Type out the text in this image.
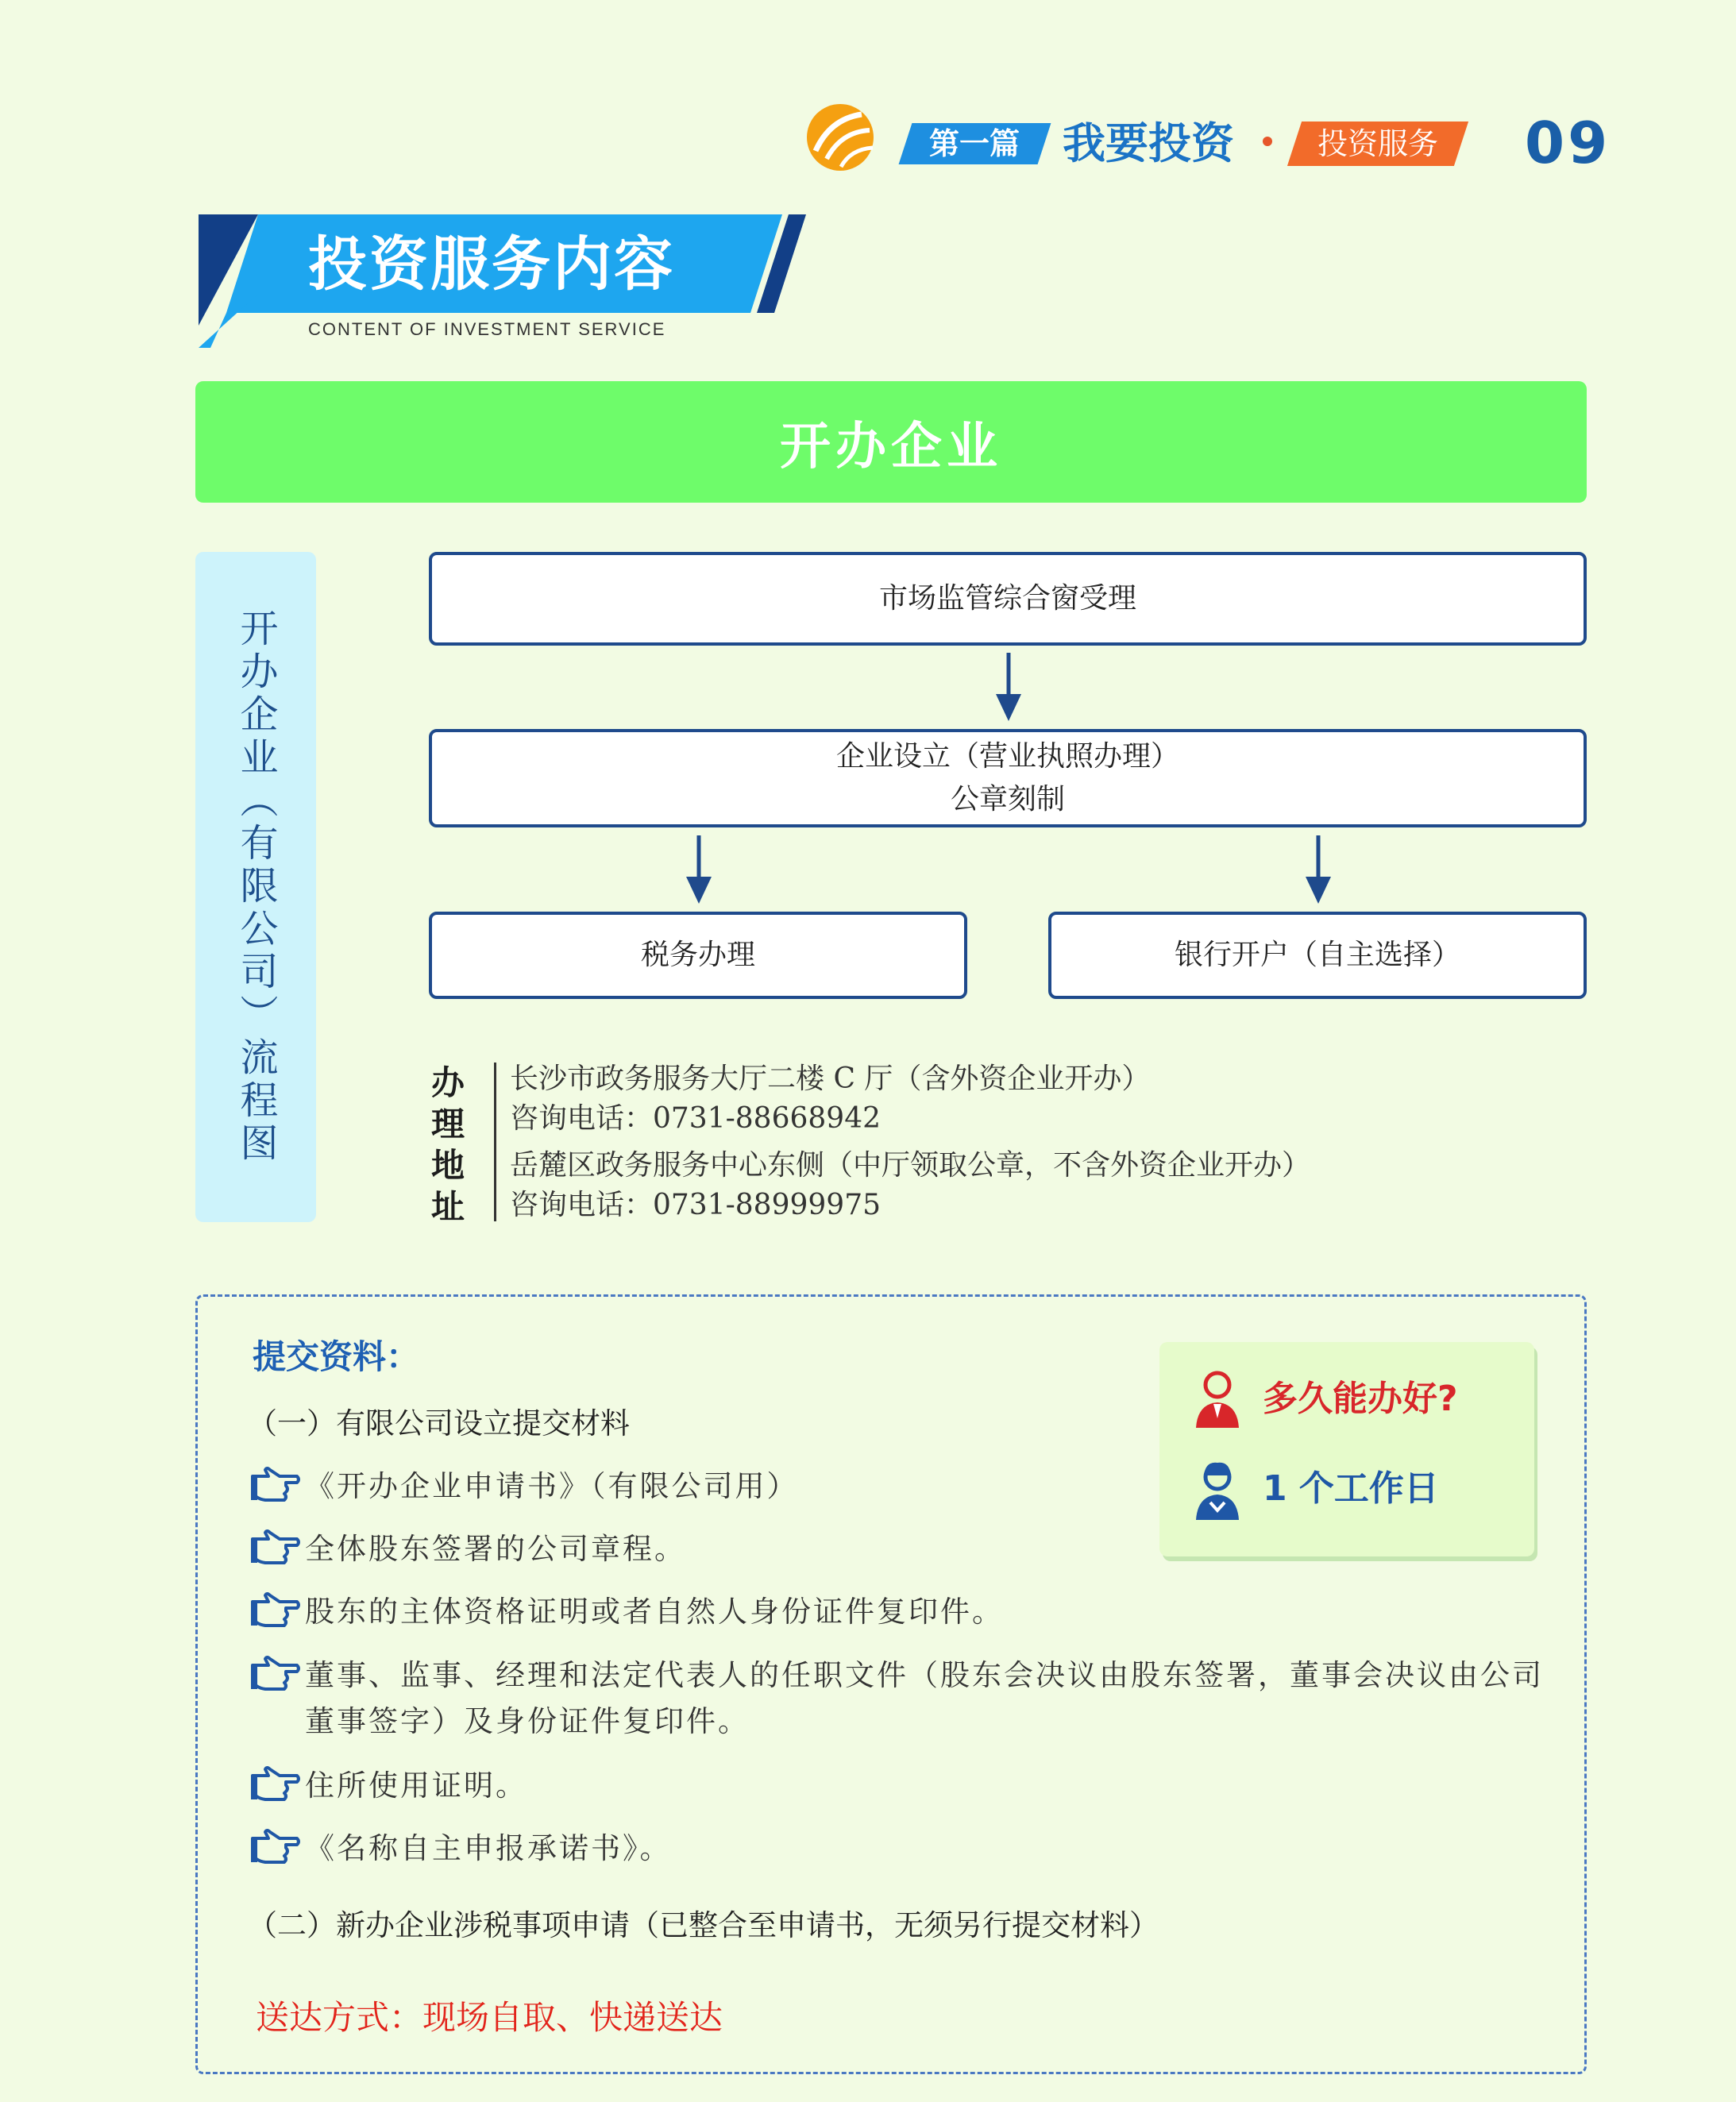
第一篇 我要投资	投资服务	09
投资服务内容
CONTENT OF INVESTMENT SERVICE
开办企业
开办企业（有限公司）流程图
市场监管综合窗受理
企业设立（营业执照办理）
公章刻制
税务办理	银行开户（自主选择）
办理地址
长沙市政务服务大厅二楼 C 厅（含外资企业开办）
咨询电话：0731-88668942
岳麓区政务服务中心东侧（中厅领取公章，不含外资企业开办）
咨询电话：0731-88999975
提交资料：
（一）有限公司设立提交材料
《开办企业申请书》（有限公司用）
全体股东签署的公司章程。
股东的主体资格证明或者自然人身份证件复印件。
董事、监事、经理和法定代表人的任职文件（股东会决议由股东签署，董事会决议由公司董事签字）及身份证件复印件。
住所使用证明。
《名称自主申报承诺书》。
（二）新办企业涉税事项申请（已整合至申请书，无须另行提交材料）
送达方式：现场自取、快递送达
多久能办好?
1 个工作日
